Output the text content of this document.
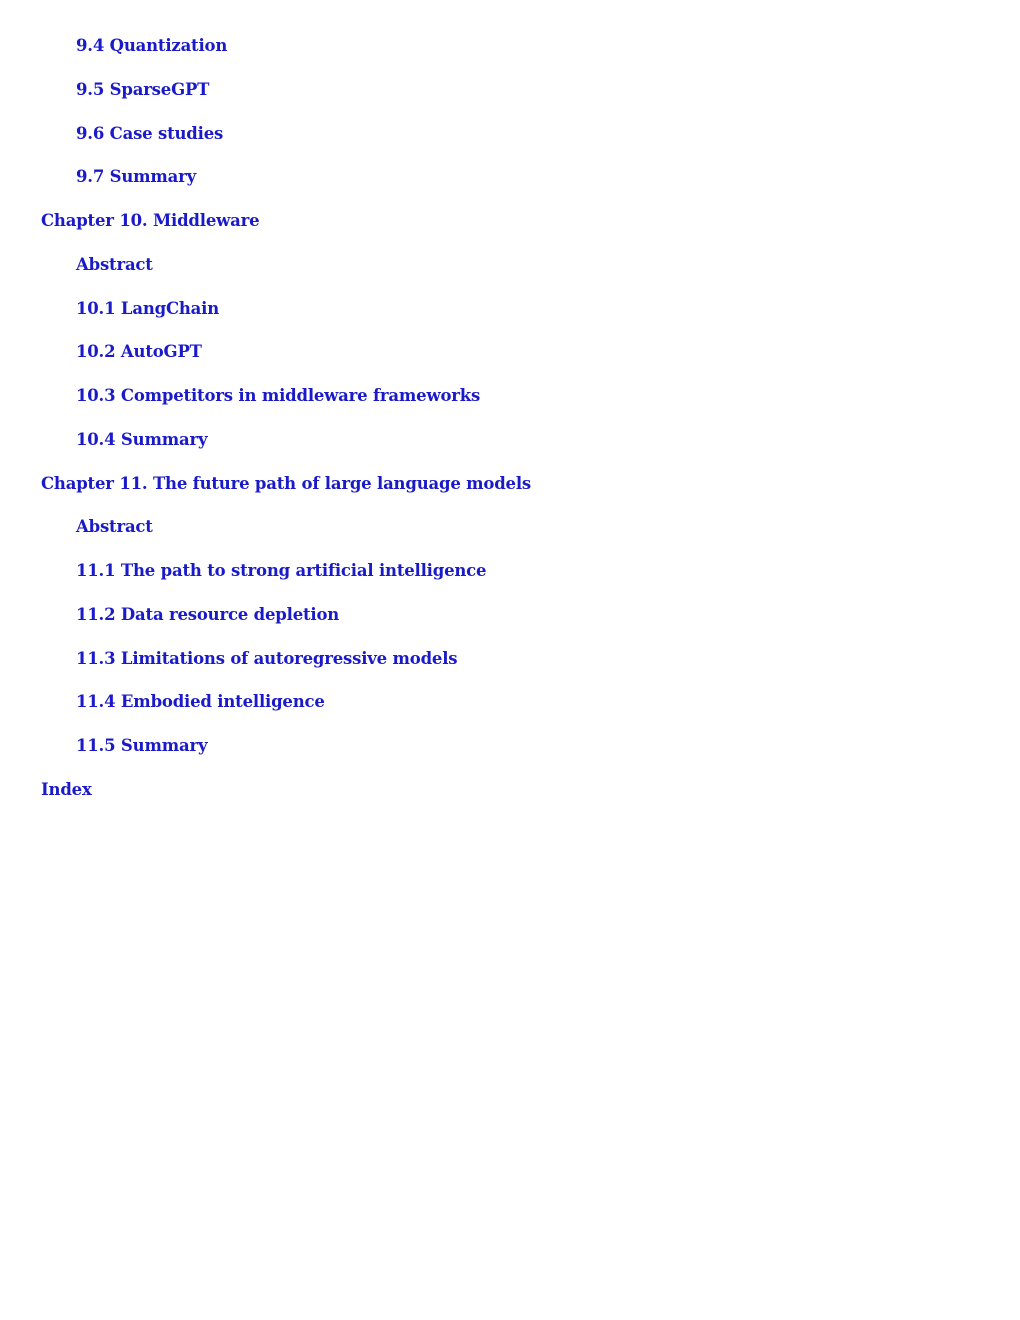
9.4 Quantization
9.5 SparseGPT
9.6 Case studies
9.7 Summary
Chapter 10. Middleware
Abstract
10.1 LangChain
10.2 AutoGPT
10.3 Competitors in middleware frameworks
10.4 Summary
Chapter 11. The future path of large language models
Abstract
11.1 The path to strong artificial intelligence
11.2 Data resource depletion
11.3 Limitations of autoregressive models
11.4 Embodied intelligence
11.5 Summary
Index
